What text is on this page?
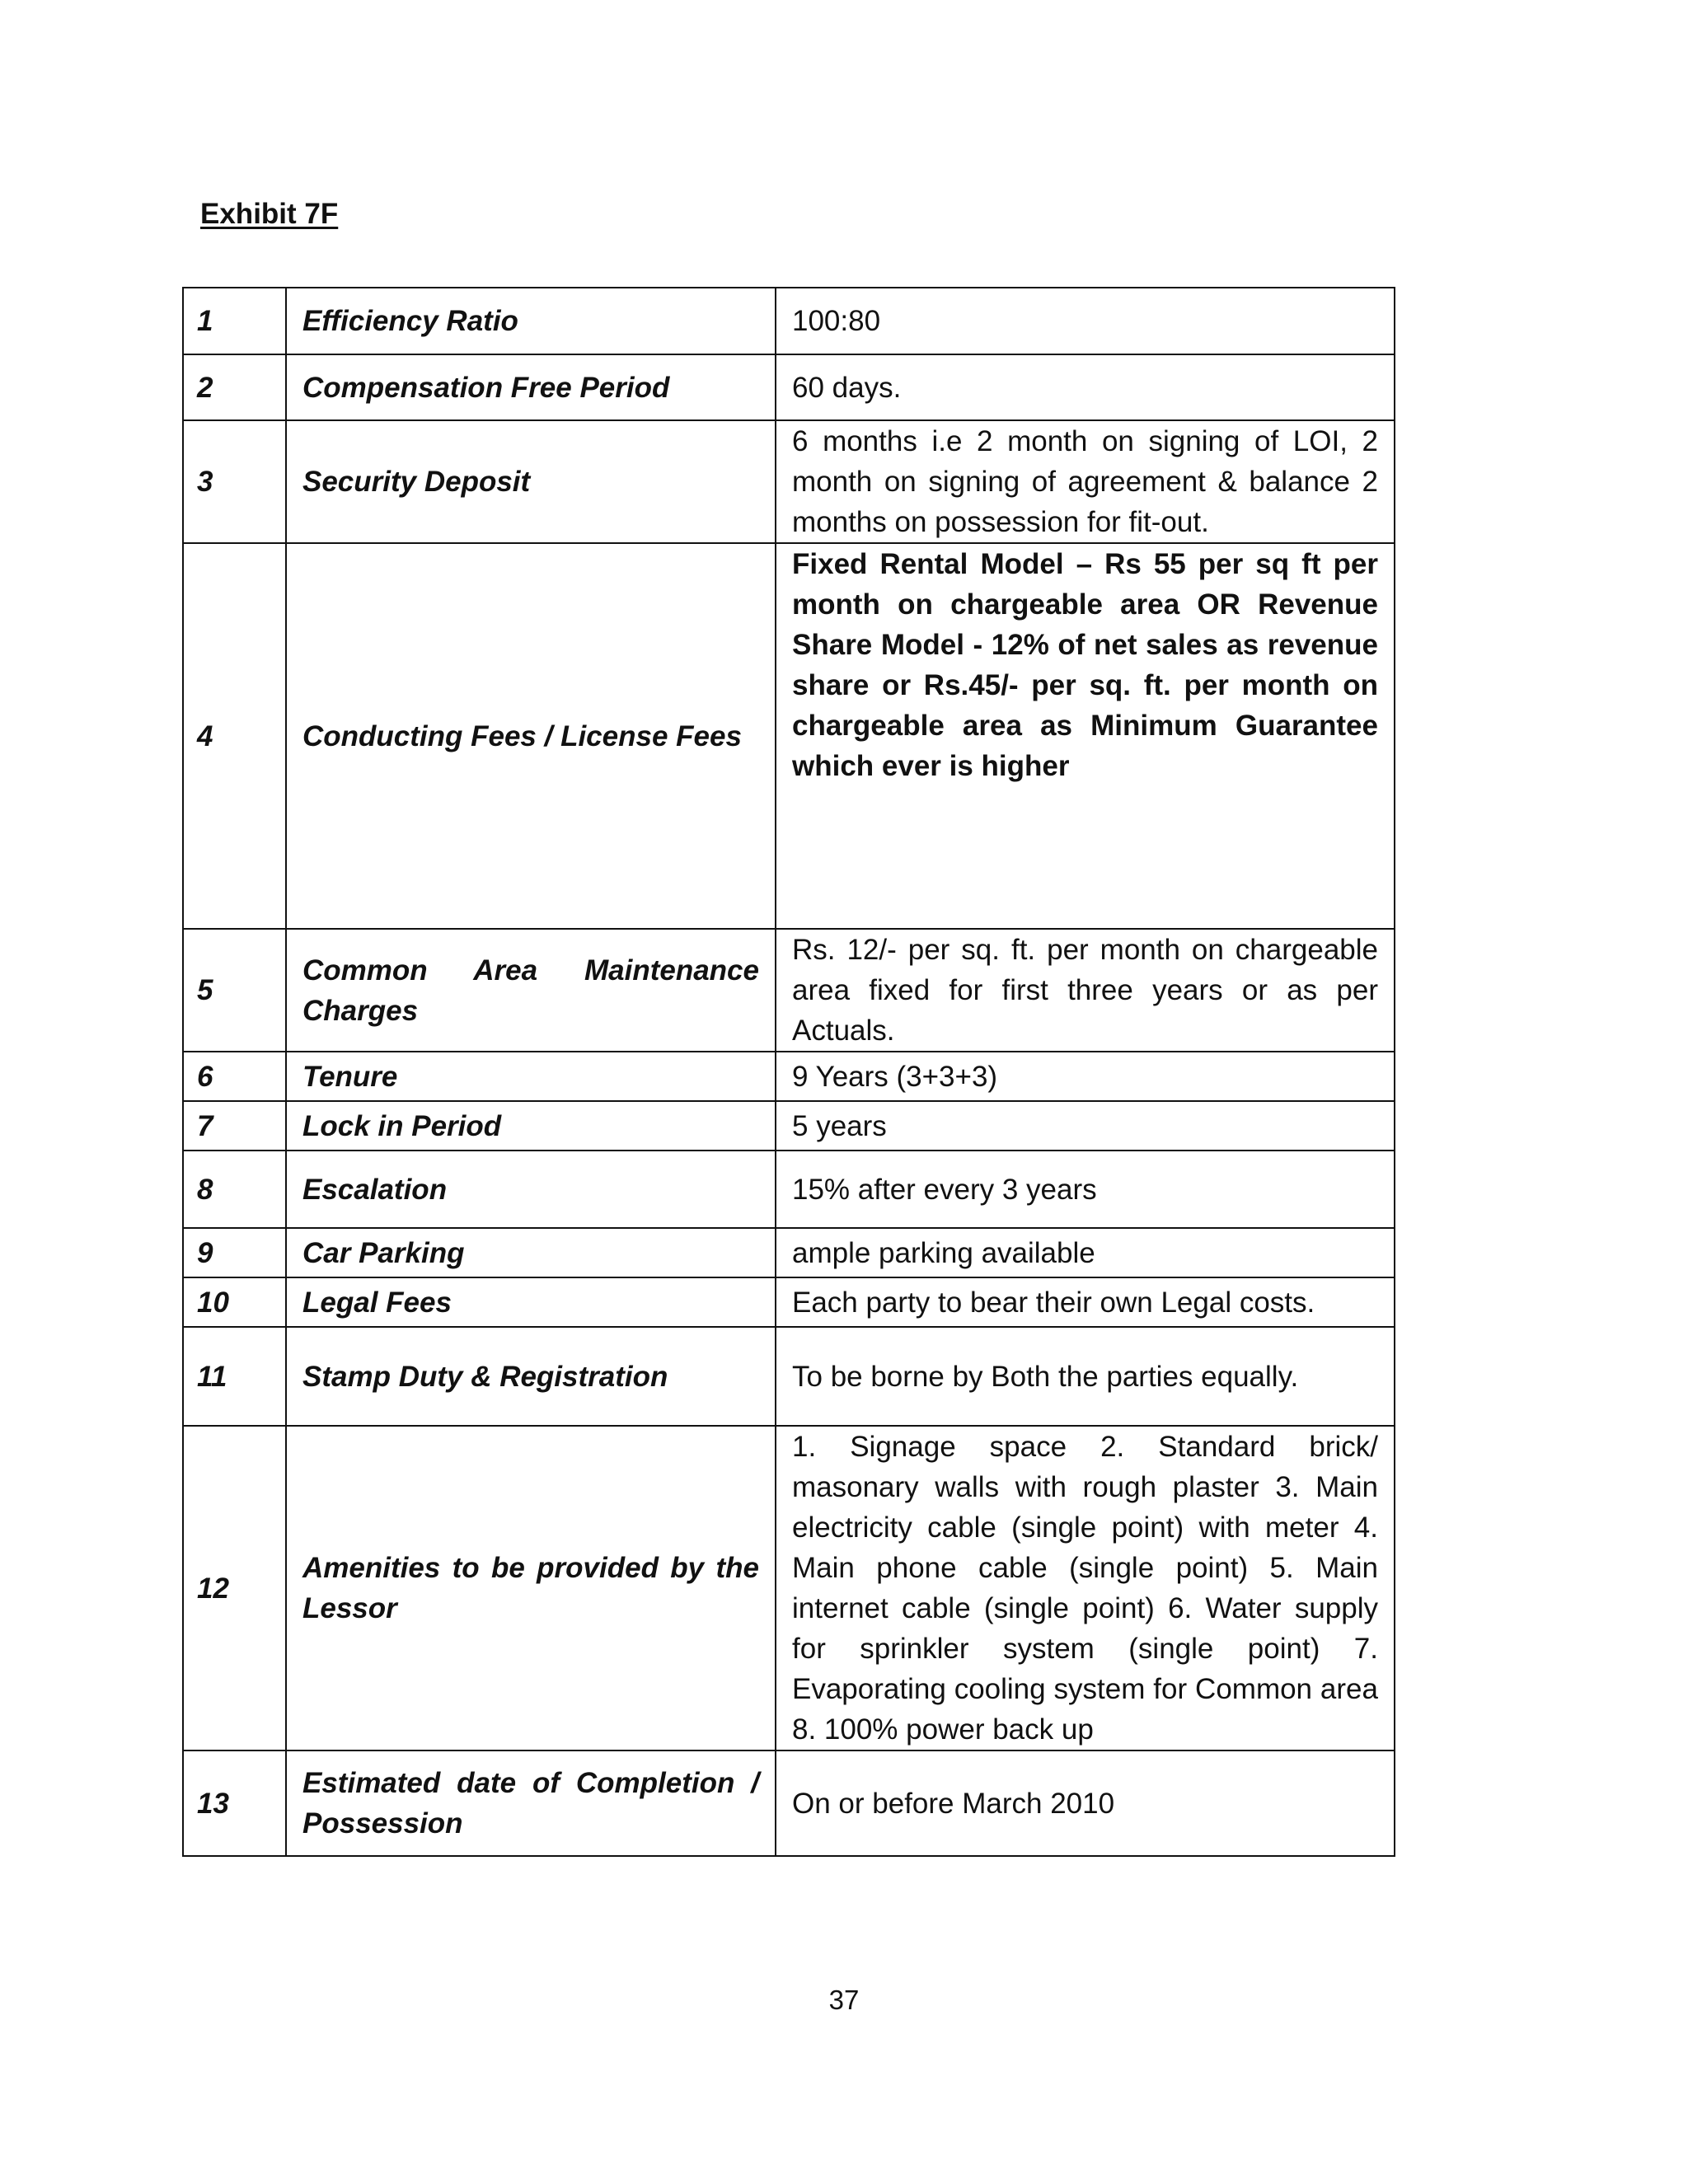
Exhibit 7F
1	Efficiency Ratio	100:80
2	Compensation Free Period	60 days.
3	Security Deposit	6 months i.e 2 month on signing of LOI, 2 month on signing of agreement & balance 2 months on possession for fit-out.
4	Conducting Fees / License Fees	Fixed Rental Model – Rs 55 per sq ft per month on chargeable area OR Revenue Share Model - 12% of net sales as revenue share or Rs.45/- per sq. ft. per month on chargeable area as Minimum Guarantee which ever is higher
5	Common Area Maintenance Charges	Rs. 12/- per sq. ft. per month on chargeable area fixed for first three years or as per Actuals.
6	Tenure	9 Years (3+3+3)
7	Lock in Period	5 years
8	Escalation	15% after every 3 years
9	Car Parking	ample parking available
10	Legal Fees	Each party to bear their own Legal costs.
11	Stamp Duty & Registration	To be borne by Both the parties equally.
12	Amenities to be provided by the Lessor	1. Signage space 2. Standard brick/ masonary walls with rough plaster 3. Main electricity cable (single point) with meter 4. Main phone cable (single point) 5. Main internet cable (single point) 6. Water supply for sprinkler system (single point) 7. Evaporating cooling system for Common area 8. 100% power back up
13	Estimated date of Completion / Possession	On or before March 2010
37
